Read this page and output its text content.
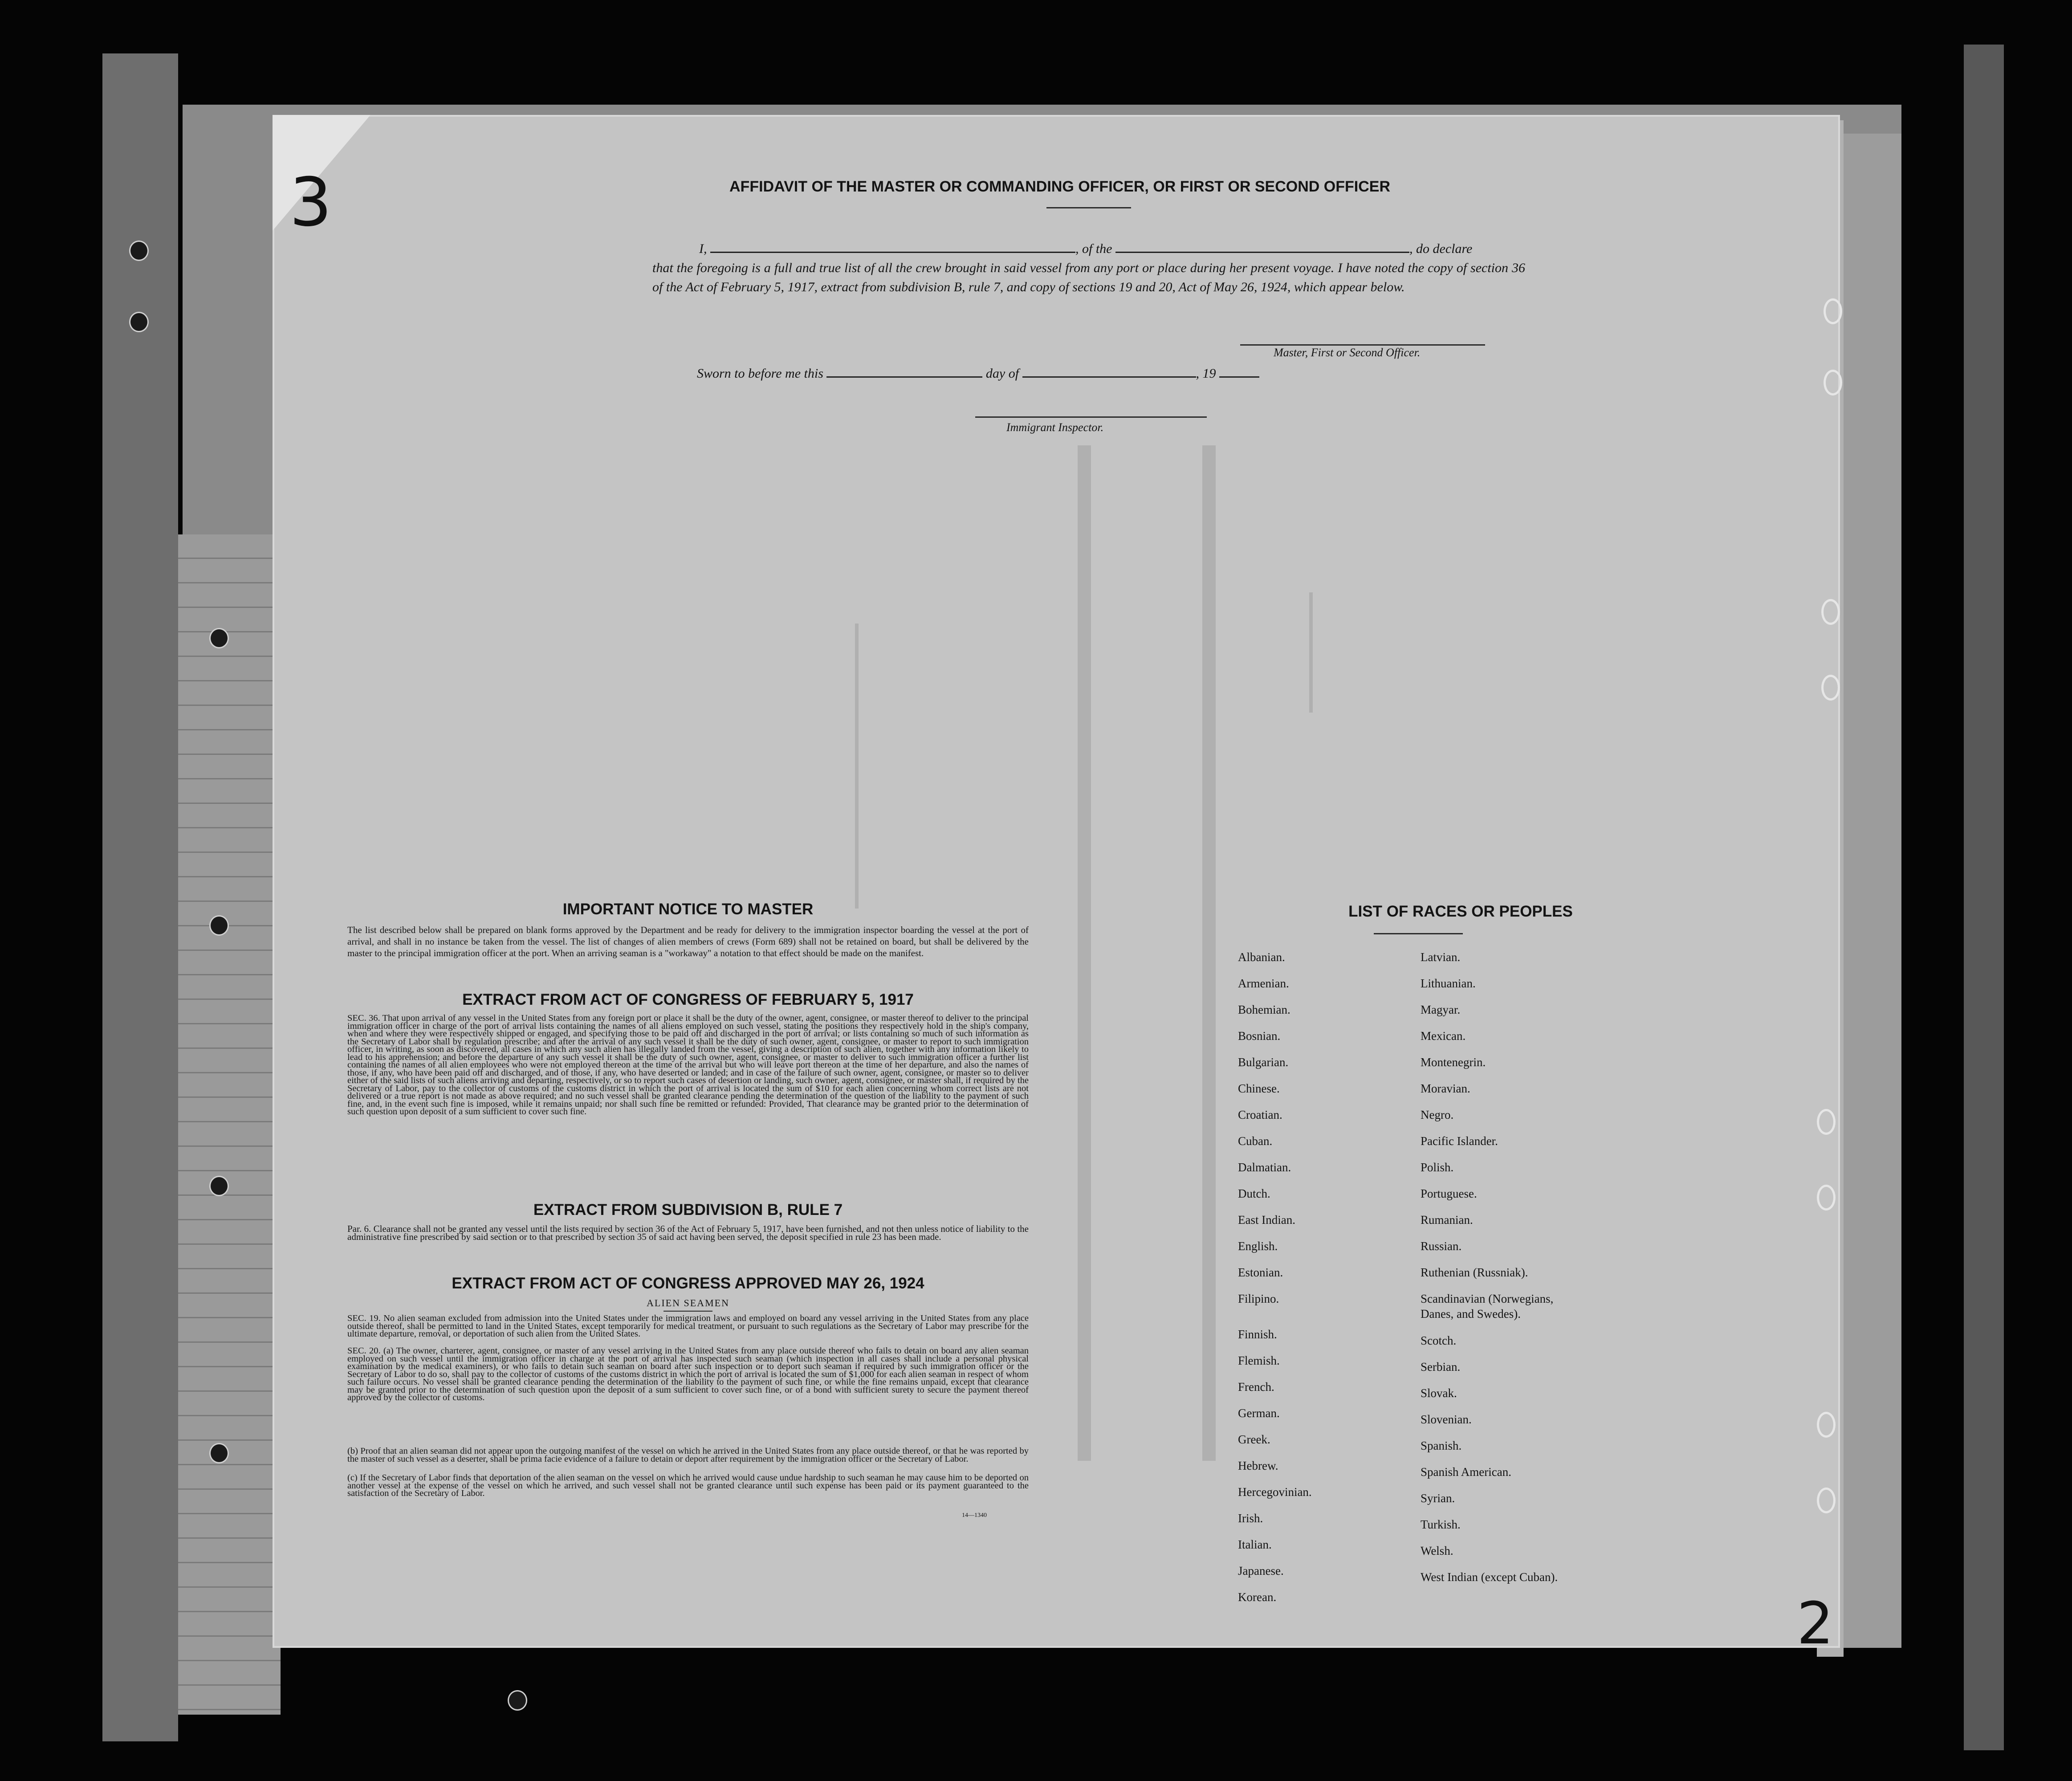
3
2
AFFIDAVIT OF THE MASTER OR COMMANDING OFFICER, OR FIRST OR SECOND OFFICER
I,	, of the	, do declare
that the foregoing is a full and true list of all the crew brought in said vessel from any port or place during her present voyage. I have noted the copy of section 36 of the Act of February 5, 1917, extract from subdivision B, rule 7, and copy of sections 19 and 20, Act of May 26, 1924, which appear below.
Master, First or Second Officer.
Sworn to before me this	day of	, 19
Immigrant Inspector.
IMPORTANT NOTICE TO MASTER
The list described below shall be prepared on blank forms approved by the Department and be ready for delivery to the immigration inspector boarding the vessel at the port of arrival, and shall in no instance be taken from the vessel. The list of changes of alien members of crews (Form 689) shall not be retained on board, but shall be delivered by the master to the principal immigration officer at the port. When an arriving seaman is a "workaway" a notation to that effect should be made on the manifest.
EXTRACT FROM ACT OF CONGRESS OF FEBRUARY 5, 1917
SEC. 36. That upon arrival of any vessel in the United States from any foreign port or place it shall be the duty of the owner, agent, consignee, or master thereof to deliver to the principal immigration officer in charge of the port of arrival lists containing the names of all aliens employed on such vessel, stating the positions they respectively hold in the ship's company, when and where they were respectively shipped or engaged, and specifying those to be paid off and discharged in the port of arrival; or lists containing so much of such information as the Secretary of Labor shall by regulation prescribe; and after the arrival of any such vessel it shall be the duty of such owner, agent, consignee, or master to report to such immigration officer, in writing, as soon as discovered, all cases in which any such alien has illegally landed from the vessel, giving a description of such alien, together with any information likely to lead to his apprehension; and before the departure of any such vessel it shall be the duty of such owner, agent, consignee, or master to deliver to such immigration officer a further list containing the names of all alien employees who were not employed thereon at the time of the arrival but who will leave port thereon at the time of her departure, and also the names of those, if any, who have been paid off and discharged, and of those, if any, who have deserted or landed; and in case of the failure of such owner, agent, consignee, or master so to deliver either of the said lists of such aliens arriving and departing, respectively, or so to report such cases of desertion or landing, such owner, agent, consignee, or master shall, if required by the Secretary of Labor, pay to the collector of customs of the customs district in which the port of arrival is located the sum of $10 for each alien concerning whom correct lists are not delivered or a true report is not made as above required; and no such vessel shall be granted clearance pending the determination of the question of the liability to the payment of such fine, and, in the event such fine is imposed, while it remains unpaid; nor shall such fine be remitted or refunded: Provided, That clearance may be granted prior to the determination of such question upon deposit of a sum sufficient to cover such fine.
EXTRACT FROM SUBDIVISION B, RULE 7
Par. 6. Clearance shall not be granted any vessel until the lists required by section 36 of the Act of February 5, 1917, have been furnished, and not then unless notice of liability to the administrative fine prescribed by said section or to that prescribed by section 35 of said act having been served, the deposit specified in rule 23 has been made.
EXTRACT FROM ACT OF CONGRESS APPROVED MAY 26, 1924
ALIEN SEAMEN
SEC. 19. No alien seaman excluded from admission into the United States under the immigration laws and employed on board any vessel arriving in the United States from any place outside thereof, shall be permitted to land in the United States, except temporarily for medical treatment, or pursuant to such regulations as the Secretary of Labor may prescribe for the ultimate departure, removal, or deportation of such alien from the United States.
SEC. 20. (a) The owner, charterer, agent, consignee, or master of any vessel arriving in the United States from any place outside thereof who fails to detain on board any alien seaman employed on such vessel until the immigration officer in charge at the port of arrival has inspected such seaman (which inspection in all cases shall include a personal physical examination by the medical examiners), or who fails to detain such seaman on board after such inspection or to deport such seaman if required by such immigration officer or the Secretary of Labor to do so, shall pay to the collector of customs of the customs district in which the port of arrival is located the sum of $1,000 for each alien seaman in respect of whom such failure occurs. No vessel shall be granted clearance pending the determination of the liability to the payment of such fine, or while the fine remains unpaid, except that clearance may be granted prior to the determination of such question upon the deposit of a sum sufficient to cover such fine, or of a bond with sufficient surety to secure the payment thereof approved by the collector of customs.
(b) Proof that an alien seaman did not appear upon the outgoing manifest of the vessel on which he arrived in the United States from any place outside thereof, or that he was reported by the master of such vessel as a deserter, shall be prima facie evidence of a failure to detain or deport after requirement by the immigration officer or the Secretary of Labor.
(c) If the Secretary of Labor finds that deportation of the alien seaman on the vessel on which he arrived would cause undue hardship to such seaman he may cause him to be deported on another vessel at the expense of the vessel on which he arrived, and such vessel shall not be granted clearance until such expense has been paid or its payment guaranteed to the satisfaction of the Secretary of Labor.
14—1340
LIST OF RACES OR PEOPLES
Albanian.
Armenian.
Bohemian.
Bosnian.
Bulgarian.
Chinese.
Croatian.
Cuban.
Dalmatian.
Dutch.
East Indian.
English.
Estonian.
Filipino.
Finnish.
Flemish.
French.
German.
Greek.
Hebrew.
Hercegovinian.
Irish.
Italian.
Japanese.
Korean.
Latvian.
Lithuanian.
Magyar.
Mexican.
Montenegrin.
Moravian.
Negro.
Pacific Islander.
Polish.
Portuguese.
Rumanian.
Russian.
Ruthenian (Russniak).
Scandinavian (Norwegians,
Danes, and Swedes).
Scotch.
Serbian.
Slovak.
Slovenian.
Spanish.
Spanish American.
Syrian.
Turkish.
Welsh.
West Indian (except Cuban).
